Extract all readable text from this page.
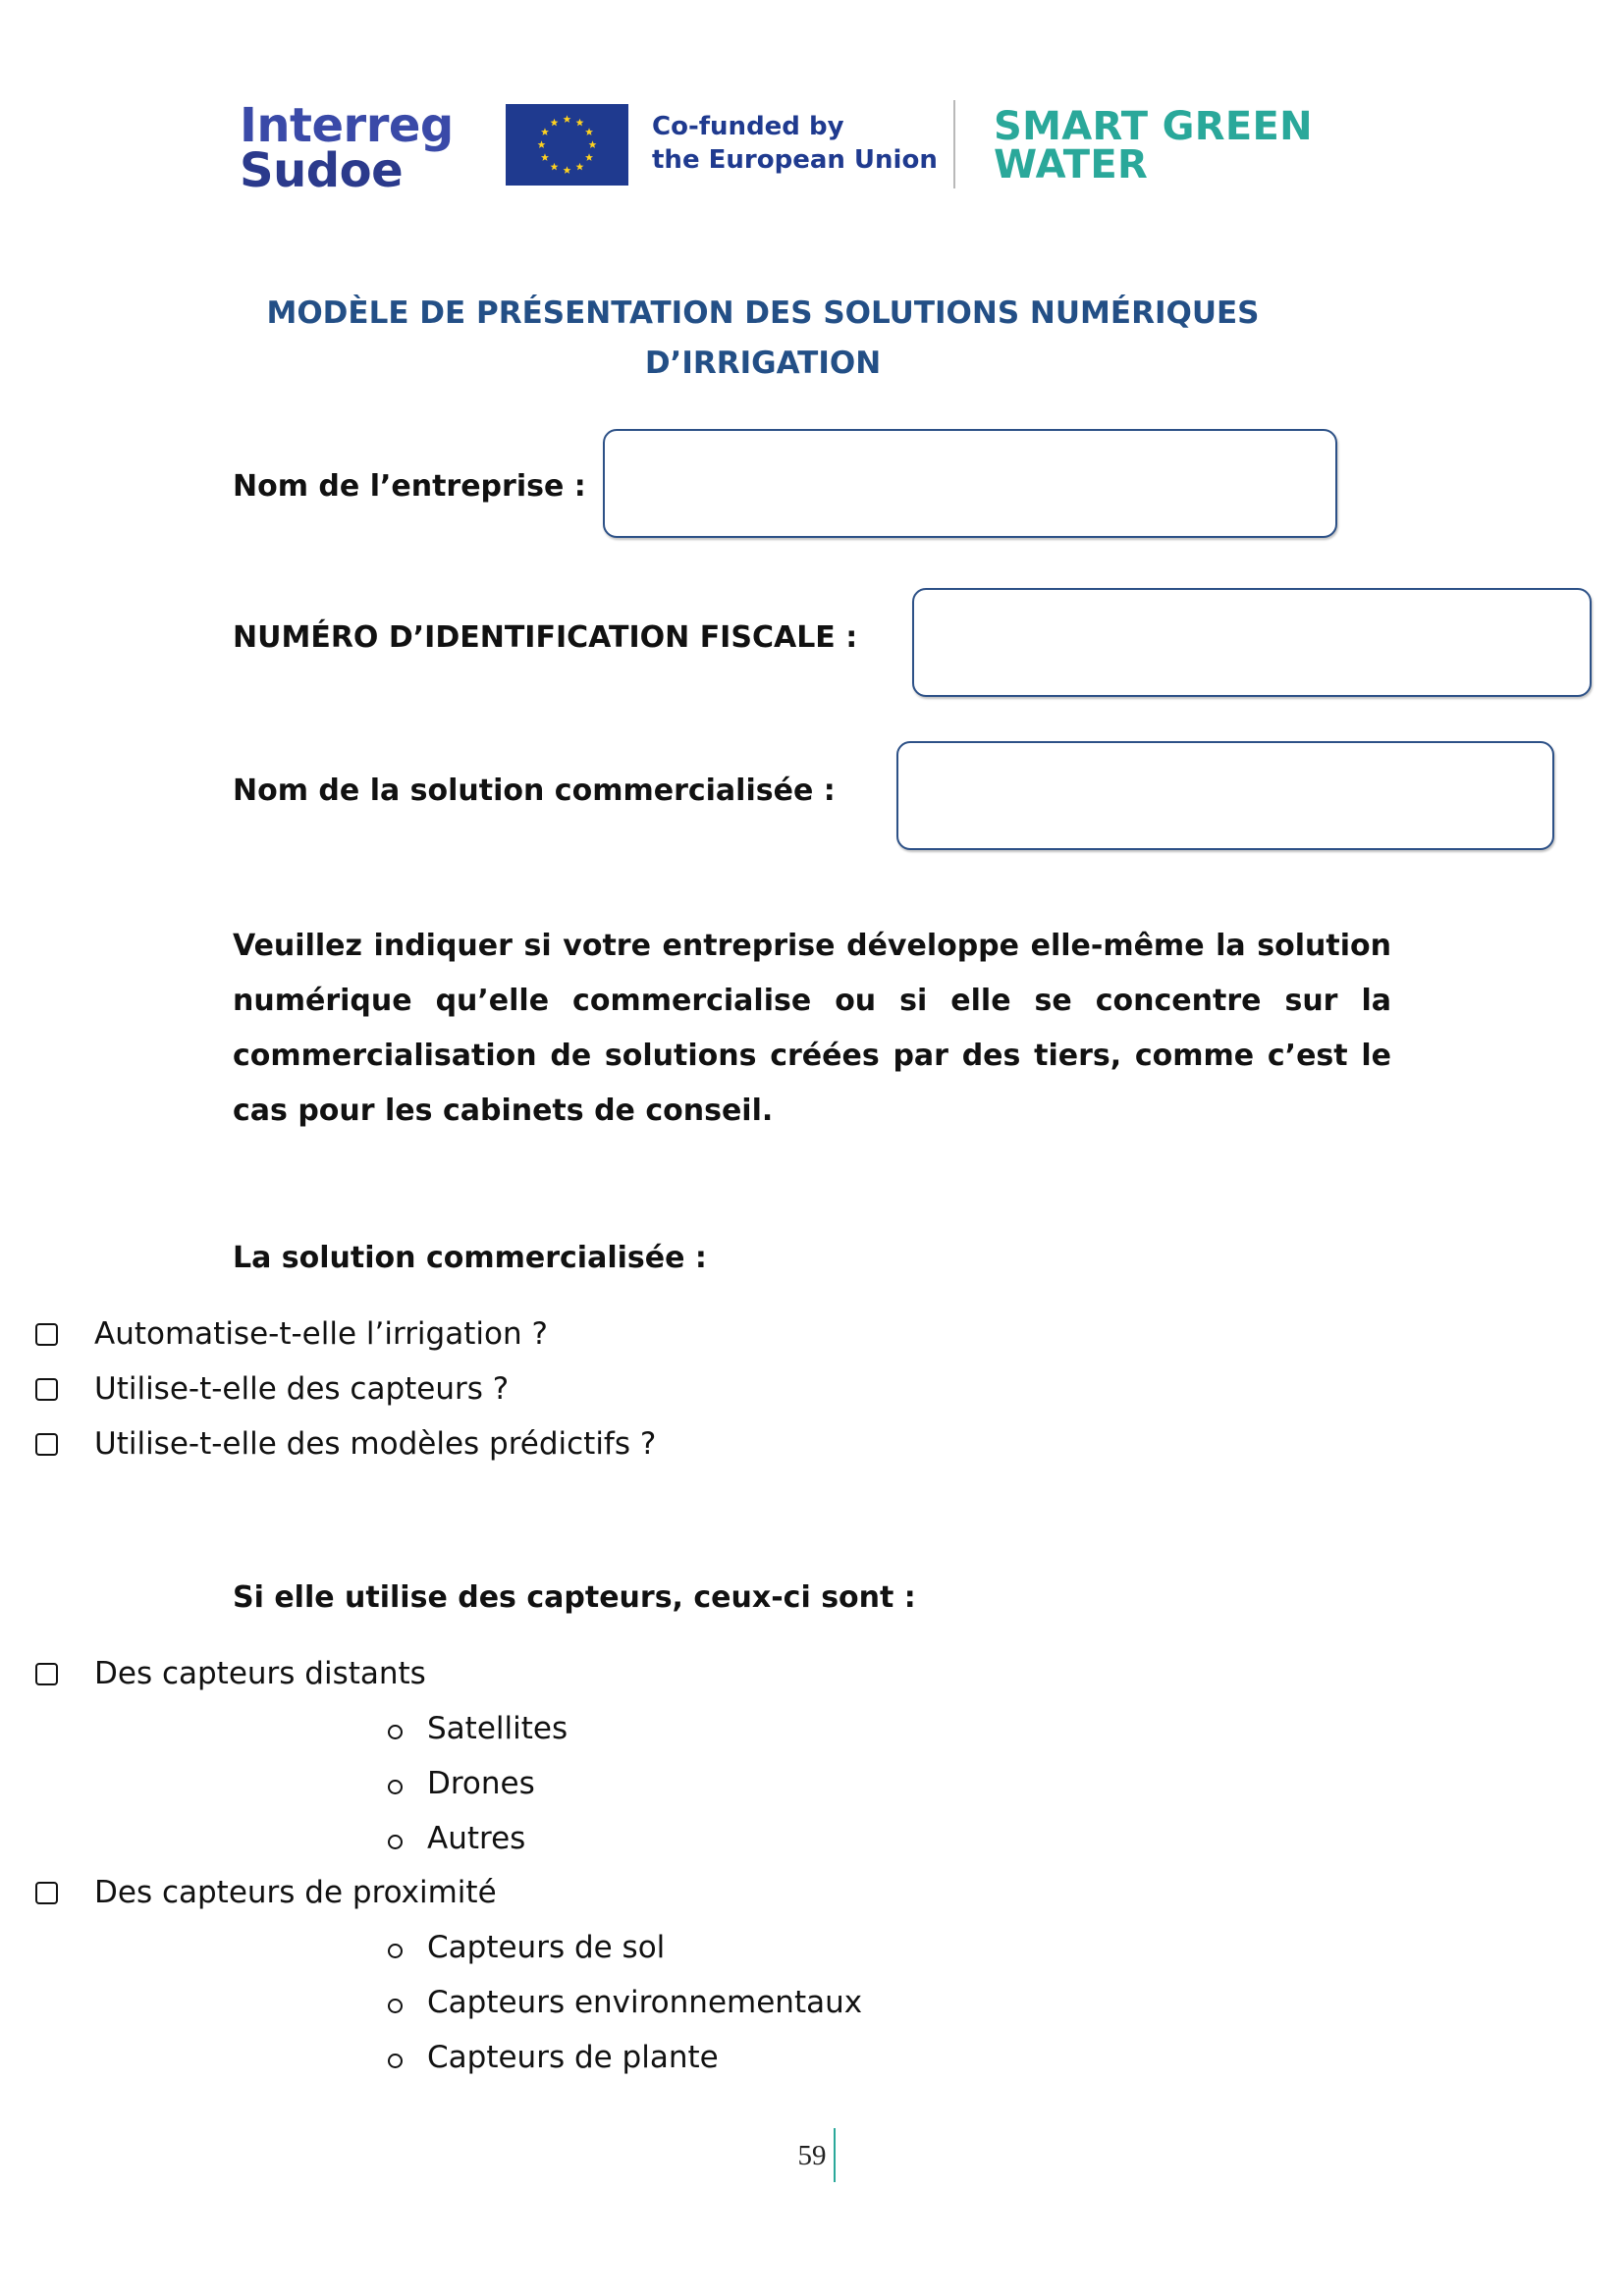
Interreg
Sudoe
Co-funded by
the European Union
SMART GREEN
WATER
MODÈLE DE PRÉSENTATION DES SOLUTIONS NUMÉRIQUES
D’IRRIGATION
Nom de l’entreprise :
NUMÉRO D’IDENTIFICATION FISCALE :
Nom de la solution commercialisée :
Veuillez indiquer si votre entreprise développe elle-même la solution numérique qu’elle commercialise ou si elle se concentre sur la commercialisation de solutions créées par des tiers, comme c’est le cas pour les cabinets de conseil.
La solution commercialisée :
Automatise-t-elle l’irrigation ?
Utilise-t-elle des capteurs ?
Utilise-t-elle des modèles prédictifs ?
Si elle utilise des capteurs, ceux-ci sont :
Des capteurs distants
Satellites
Drones
Autres
Des capteurs de proximité
Capteurs de sol
Capteurs environnementaux
Capteurs de plante
59
